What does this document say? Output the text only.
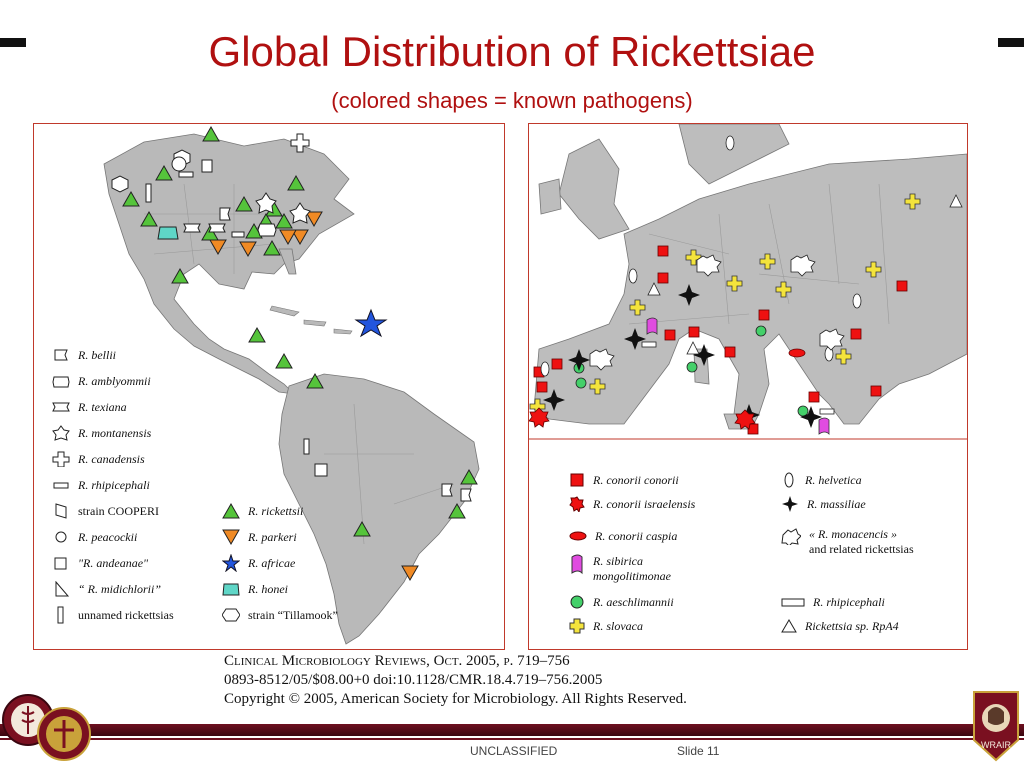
Global Distribution of Rickettsiae
(colored shapes = known pathogens)
R. bellii
R. amblyommii
R. texiana
R. montanensis
R. canadensis
R. rhipicephali
strain COOPERI
R. peacockii
"R. andeanae"
“ R. midichlorii”
unnamed rickettsias
R. rickettsii
R. parkeri
R. africae
R. honei
strain “Tillamook”
R. conorii conorii
R. conorii israelensis
R. conorii caspia
R. sibirica
mongolitimonae
R. aeschlimannii
R. slovaca
R. helvetica
R. massiliae
« R. monacencis »
and related rickettsias
R. rhipicephali
Rickettsia sp. RpA4
Clinical Microbiology Reviews, Oct. 2005, p. 719–756
0893-8512/05/$08.00+0 doi:10.1128/CMR.18.4.719–756.2005
Copyright © 2005, American Society for Microbiology. All Rights Reserved.
WRAIR
UNCLASSIFIED	Slide 11
